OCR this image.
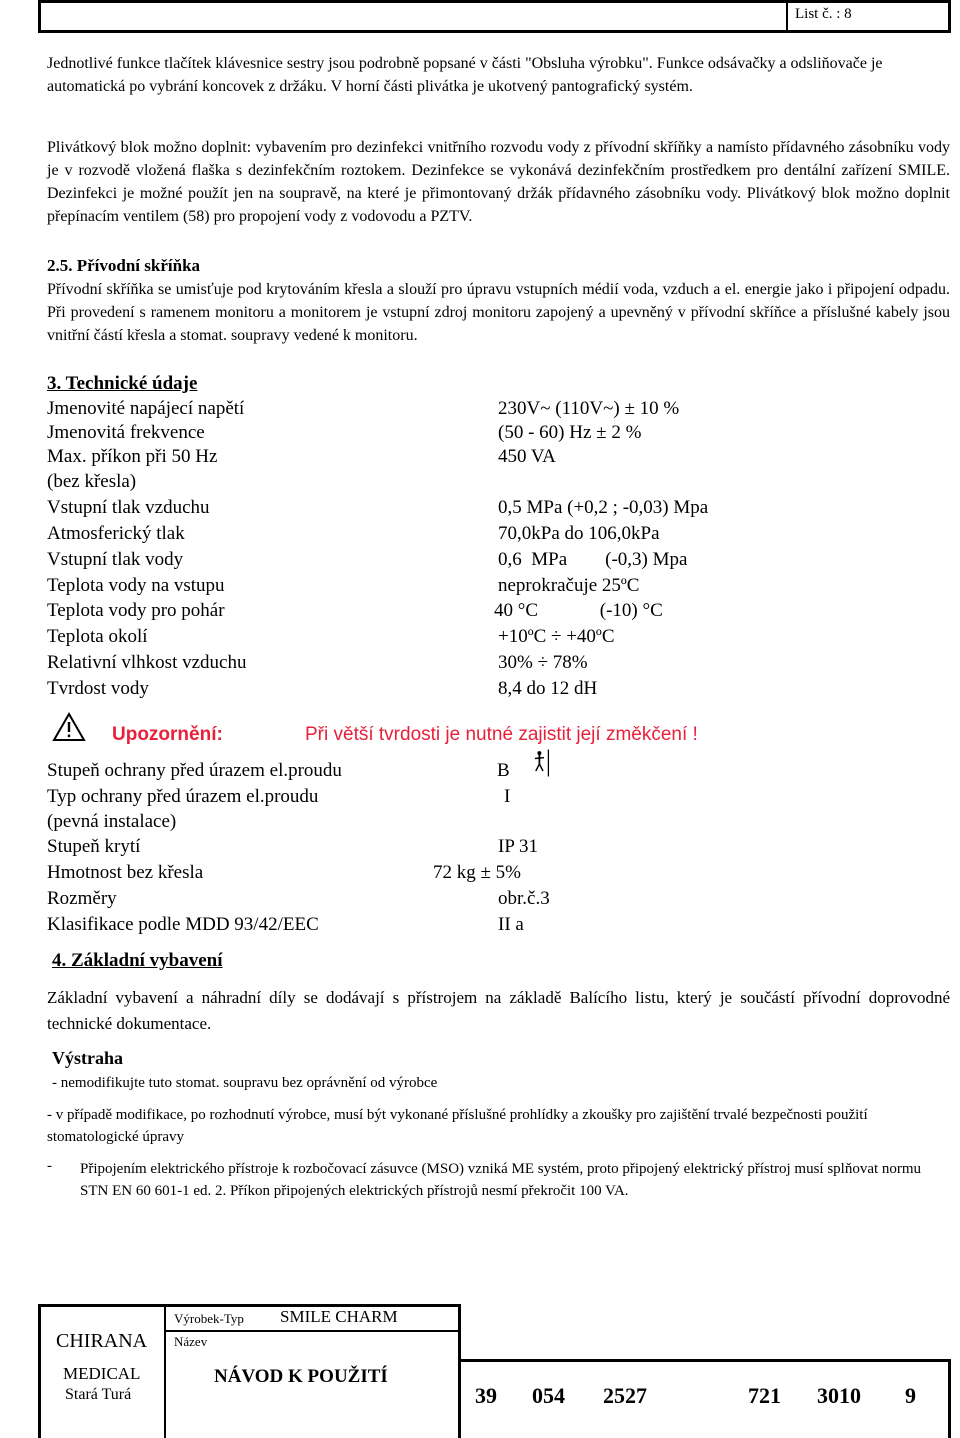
List č. : 8
Jednotlivé funkce tlačítek klávesnice sestry jsou podrobně popsané v části "Obsluha výrobku". Funkce odsávačky a odsliňovače je automatická po vybrání koncovek z držáku. V horní části plivátka je ukotvený pantografický systém.
Plivátkový blok možno doplnit: vybavením pro dezinfekci vnitřního rozvodu vody z přívodní skříňky a namísto přídavného zásobníku vody je v rozvodě vložená flaška s dezinfekčním roztokem. Dezinfekce se vykonává dezinfekčním prostředkem pro dentální zařízení SMILE. Dezinfekci je možné použít jen na soupravě, na které je přimontovaný držák přídavného zásobníku vody. Plivátkový blok možno doplnit přepínacím ventilem (58) pro propojení vody z vodovodu a PZTV.
2.5. Přívodní skříňka
Přívodní skříňka se umisťuje pod krytováním křesla a slouží pro úpravu vstupních médií voda, vzduch a el. energie jako i připojení odpadu. Při provedení s ramenem monitoru a monitorem je vstupní zdroj monitoru zapojený a upevněný v přívodní skříňce a příslušné kabely jsou vnitřní částí křesla a stomat. soupravy vedené k monitoru.
3. Technické údaje
Jmenovité napájecí napětí	230V~ (110V~) ± 10 %
Jmenovitá frekvence	(50 - 60) Hz ± 2 %
Max. příkon při 50 Hz	450 VA
(bez křesla)
Vstupní tlak vzduchu	0,5 MPa (+0,2 ; -0,03) Mpa
Atmosferický tlak	70,0kPa do 106,0kPa
Vstupní tlak vody	0,6  MPa        (-0,3) Mpa
Teplota vody na vstupu	neprokračuje 25ºC
Teplota vody pro pohár	40 °C             (-10) °C
Teplota okolí	+10ºC ÷ +40ºC
Relativní vlhkost vzduchu	30% ÷ 78%
Tvrdost vody	8,4 do 12 dH
Upozornění:	Při větší tvrdosti je nutné zajistit její změkčení !
Stupeň ochrany před úrazem el.proudu	B
Typ ochrany před úrazem el.proudu	I
(pevná instalace)
Stupeň krytí	IP 31
Hmotnost bez křesla	72 kg ± 5%
Rozměry	obr.č.3
Klasifikace podle MDD 93/42/EEC	II a
4. Základní vybavení
Základní vybavení a náhradní díly se dodávají s přístrojem na základě Balícího listu, který je součástí přívodní doprovodné technické dokumentace.
Výstraha
- nemodifikujte tuto stomat. soupravu bez oprávnění od výrobce
- v případě modifikace, po rozhodnutí výrobce, musí být vykonané příslušné prohlídky a zkoušky pro zajištění trvalé bezpečnosti použití stomatologické úpravy
- Připojením elektrického přístroje k rozbočovací zásuvce (MSO) vzniká ME systém, proto připojený elektrický přístroj musí splňovat normu STN EN 60 601-1 ed. 2. Příkon připojených elektrických přístrojů nesmí překročit 100 VA.
CHIRANA
MEDICAL
Stará Turá
Výrobek-Typ SMILE CHARM
Název
NÁVOD K POUŽITÍ
39 054 2527	721 3010 9
